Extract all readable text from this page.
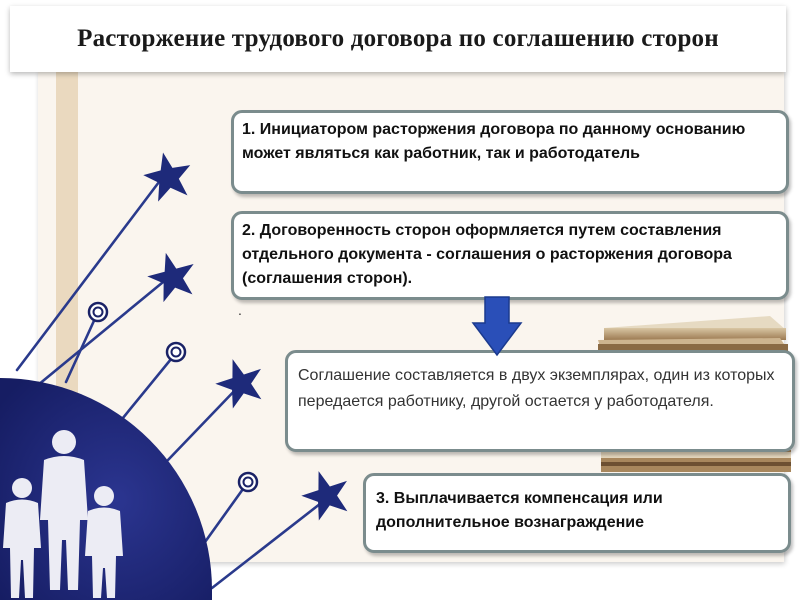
Расторжение трудового договора по соглашению сторон
1. Инициатором расторжения договора по данному основанию может являться как работник, так и работодатель
2. Договоренность сторон оформляется путем составления отдельного документа - соглашения о расторжения договора (соглашения сторон).
.
Соглашение составляется в двух экземплярах, один из которых передается работнику, другой остается у работодателя.
3. Выплачивается компенсация или дополнительное вознаграждение
